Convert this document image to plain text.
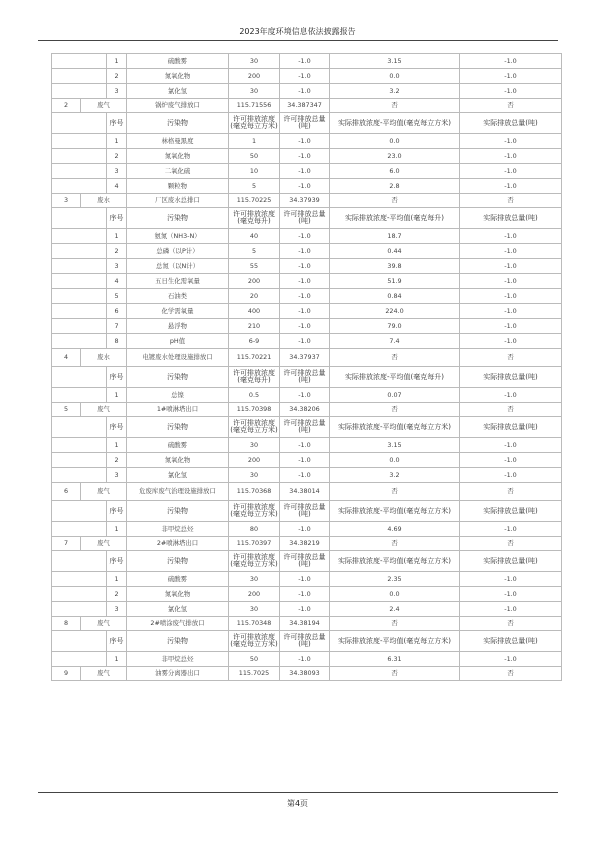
2023年度环境信息依法披露报告
		1	硫酸雾	30	-1.0	3.15	-1.0
		2	氮氧化物	200	-1.0	0.0	-1.0
		3	氯化氢	30	-1.0	3.2	-1.0
2	废气		锅炉废气排放口	115.71556	34.387347	否	否
		序号	污染物	许可排放浓度(毫克每立方米)	许可排放总量(吨)	实际排放浓度-平均值(毫克每立方米)	实际排放总量(吨)
		1	林格曼黑度	1	-1.0	0.0	-1.0
		2	氮氧化物	50	-1.0	23.0	-1.0
		3	二氧化硫	10	-1.0	6.0	-1.0
		4	颗粒物	5	-1.0	2.8	-1.0
3	废水		厂区废水总排口	115.70225	34.37939	否	否
		序号	污染物	许可排放浓度(毫克每升)	许可排放总量(吨)	实际排放浓度-平均值(毫克每升)	实际排放总量(吨)
		1	氨氮（NH3-N）	40	-1.0	18.7	-1.0
		2	总磷（以P计）	5	-1.0	0.44	-1.0
		3	总氮（以N计）	55	-1.0	39.8	-1.0
		4	五日生化需氧量	200	-1.0	51.9	-1.0
		5	石油类	20	-1.0	0.84	-1.0
		6	化学需氧量	400	-1.0	224.0	-1.0
		7	悬浮物	210	-1.0	79.0	-1.0
		8	pH值	6-9	-1.0	7.4	-1.0
4	废水		电镀废水处理设施排放口	115.70221	34.37937	否	否
		序号	污染物	许可排放浓度(毫克每升)	许可排放总量(吨)	实际排放浓度-平均值(毫克每升)	实际排放总量(吨)
		1	总镍	0.5	-1.0	0.07	-1.0
5	废气		1#喷淋塔出口	115.70398	34.38206	否	否
		序号	污染物	许可排放浓度(毫克每立方米)	许可排放总量(吨)	实际排放浓度-平均值(毫克每立方米)	实际排放总量(吨)
		1	硫酸雾	30	-1.0	3.15	-1.0
		2	氮氧化物	200	-1.0	0.0	-1.0
		3	氯化氢	30	-1.0	3.2	-1.0
6	废气		危废库废气治理设施排放口	115.70368	34.38014	否	否
		序号	污染物	许可排放浓度(毫克每立方米)	许可排放总量(吨)	实际排放浓度-平均值(毫克每立方米)	实际排放总量(吨)
		1	非甲烷总烃	80	-1.0	4.69	-1.0
7	废气		2#喷淋塔出口	115.70397	34.38219	否	否
		序号	污染物	许可排放浓度(毫克每立方米)	许可排放总量(吨)	实际排放浓度-平均值(毫克每立方米)	实际排放总量(吨)
		1	硫酸雾	30	-1.0	2.35	-1.0
		2	氮氧化物	200	-1.0	0.0	-1.0
		3	氯化氢	30	-1.0	2.4	-1.0
8	废气		2#喷涂废气排放口	115.70348	34.38194	否	否
		序号	污染物	许可排放浓度(毫克每立方米)	许可排放总量(吨)	实际排放浓度-平均值(毫克每立方米)	实际排放总量(吨)
		1	非甲烷总烃	50	-1.0	6.31	-1.0
9	废气		油雾分离器出口	115.7025	34.38093	否	否
第4页
